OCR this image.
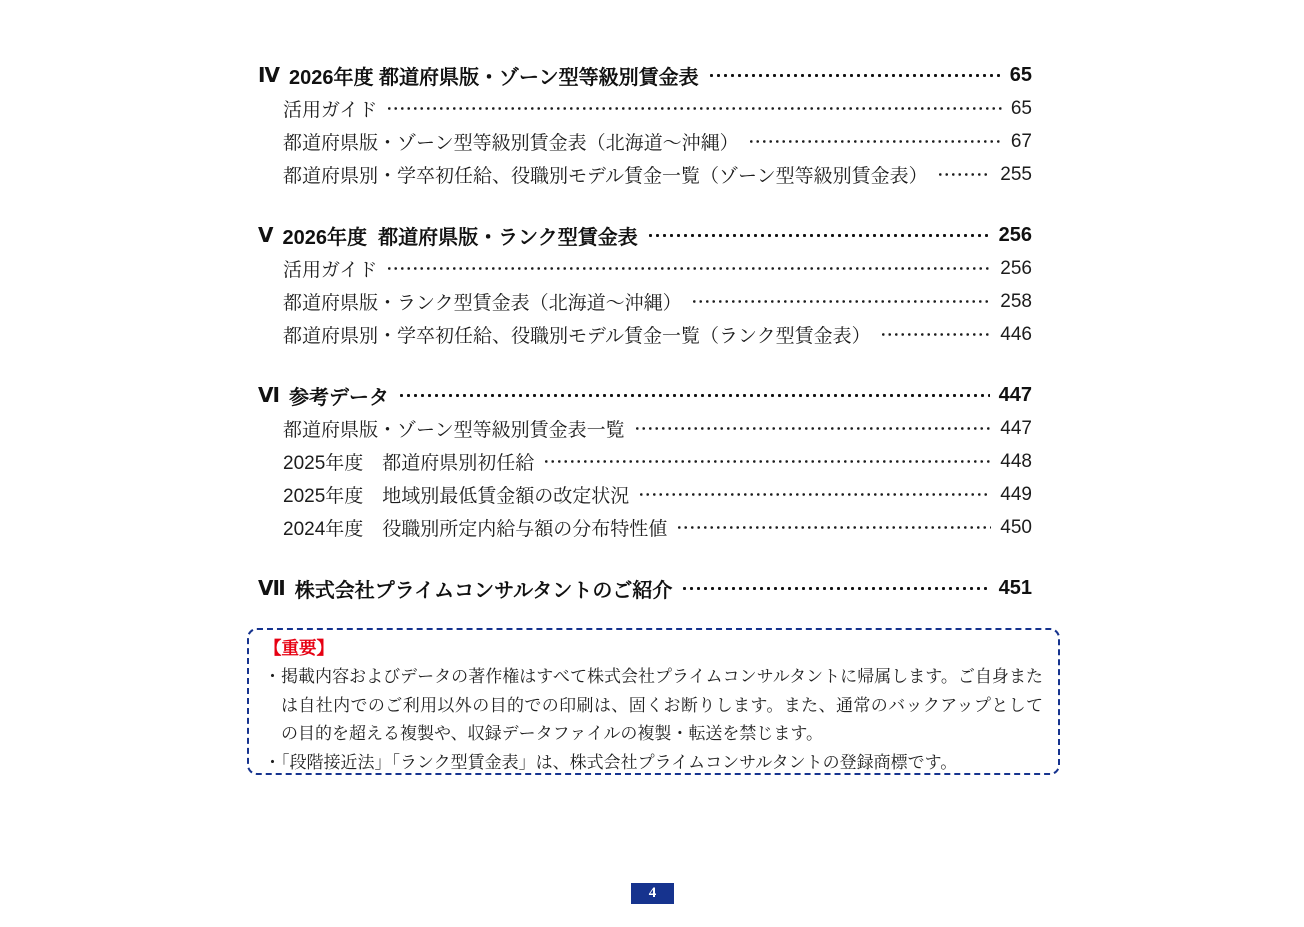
Ⅳ 2026年度 都道府県版・ゾーン型等級別賃金表	65
活用ガイド	65
都道府県版・ゾーン型等級別賃金表（北海道～沖縄）	67
都道府県別・学卒初任給、役職別モデル賃金一覧（ゾーン型等級別賃金表）	255
Ⅴ 2026年度  都道府県版・ランク型賃金表	256
活用ガイド	256
都道府県版・ランク型賃金表（北海道～沖縄）	258
都道府県別・学卒初任給、役職別モデル賃金一覧（ランク型賃金表）	446
Ⅵ 参考データ	447
都道府県版・ゾーン型等級別賃金表一覧	447
2025年度　都道府県別初任給	448
2025年度　地域別最低賃金額の改定状況	449
2024年度　役職別所定内給与額の分布特性値	450
Ⅶ 株式会社プライムコンサルタントのご紹介	451
【重要】
・掲載内容およびデータの著作権はすべて株式会社プライムコンサルタントに帰属します。ご自身または自社内でのご利用以外の目的での印刷は、固くお断りします。また、通常のバックアップとしての目的を超える複製や、収録データファイルの複製・転送を禁じます。
・「段階接近法」「ランク型賃金表」は、株式会社プライムコンサルタントの登録商標です。
4
